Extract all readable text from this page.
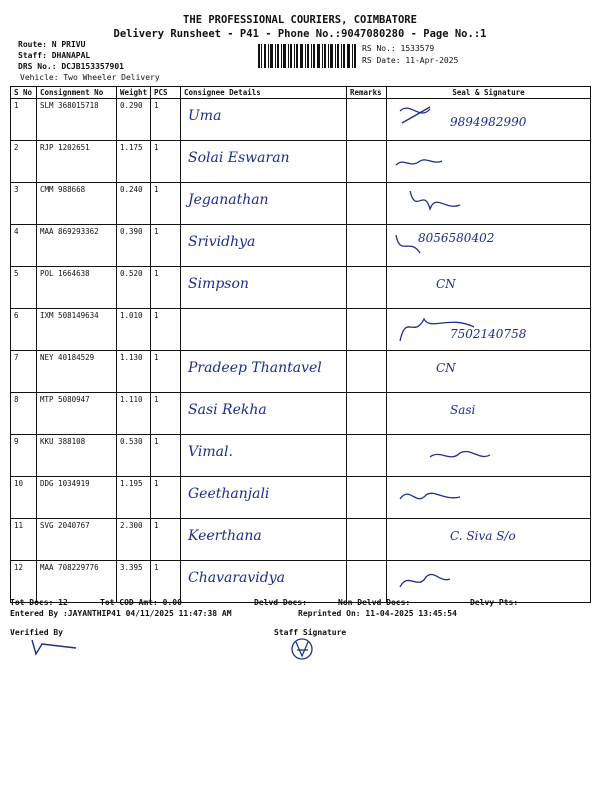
THE PROFESSIONAL COURIERS, COIMBATORE
Delivery Runsheet - P41 - Phone No.:9047080280 - Page No.:1
Route: N PRIVU
Staff: DHANAPAL
DRS No.: DCJB153357901
Vehicle: Two Wheeler Delivery
RS No.: 1533579
RS Date: 11-Apr-2025
S No	Consignment No	Weight	PCS	Consignee Details	Remarks	Seal & Signature
1	SLM 368015718	0.290	1	Uma		9894982990

2	RJP 1202651	1.175	1	Solai Eswaran

3	CMM 988668	0.240	1	Jeganathan

4	MAA 869293362	0.390	1	Srividhya		8056580402

5	POL 1664638	0.520	1	Simpson		CN

6	IXM 508149634	1.010	1			7502140758

7	NEY 40184529	1.130	1	Pradeep Thantavel		CN

8	MTP 5080947	1.110	1	Sasi Rekha		Sasi

9	KKU 388108	0.530	1	Vimal.

10	DDG 1034919	1.195	1	Geethanjali

11	SVG 2040767	2.300	1	Keerthana		C. Siva S/o

12	MAA 708229776	3.395	1	Chavaravidya

Tot Docs: 12	Tot COD Amt: 0.00	Delvd Docs:	Non Delvd Docs:	Delvy Pts:
Entered By :JAYANTHIP41 04/11/2025 11:47:38 AM	Reprinted On: 11-04-2025 13:45:54
Verified By	Staff Signature
